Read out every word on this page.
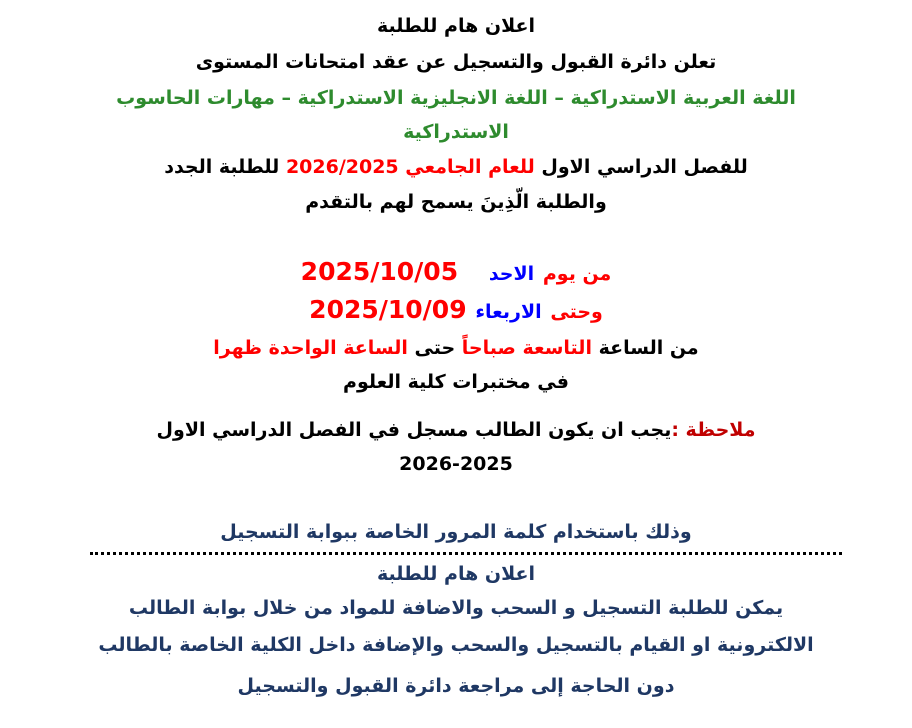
اعلان هام للطلبة
تعلن دائرة القبول والتسجيل عن عقد امتحانات المستوى
اللغة العربية الاستدراكية – اللغة الانجليزية الاستدراكية – مهارات الحاسوب
الاستدراكية
للفصل الدراسي الاول للعام الجامعي 2026/2025 للطلبة الجدد
والطلبة الّذِينَ يسمح لهم بالتقدم
من يوم الاحد 2025/10/05
وحتى الاربعاء 2025/10/09
من الساعة التاسعة صباحاً حتى الساعة الواحدة ظهرا
في مختبرات كلية العلوم
ملاحظة :يجب ان يكون الطالب مسجل في الفصل الدراسي الاول
2026-2025
وذلك باستخدام كلمة المرور الخاصة ببوابة التسجيل
اعلان هام للطلبة
يمكن للطلبة التسجيل و السحب والاضافة للمواد من خلال بوابة الطالب
الالكترونية او القيام بالتسجيل والسحب والإضافة داخل الكلية الخاصة بالطالب
دون الحاجة إلى مراجعة دائرة القبول والتسجيل
